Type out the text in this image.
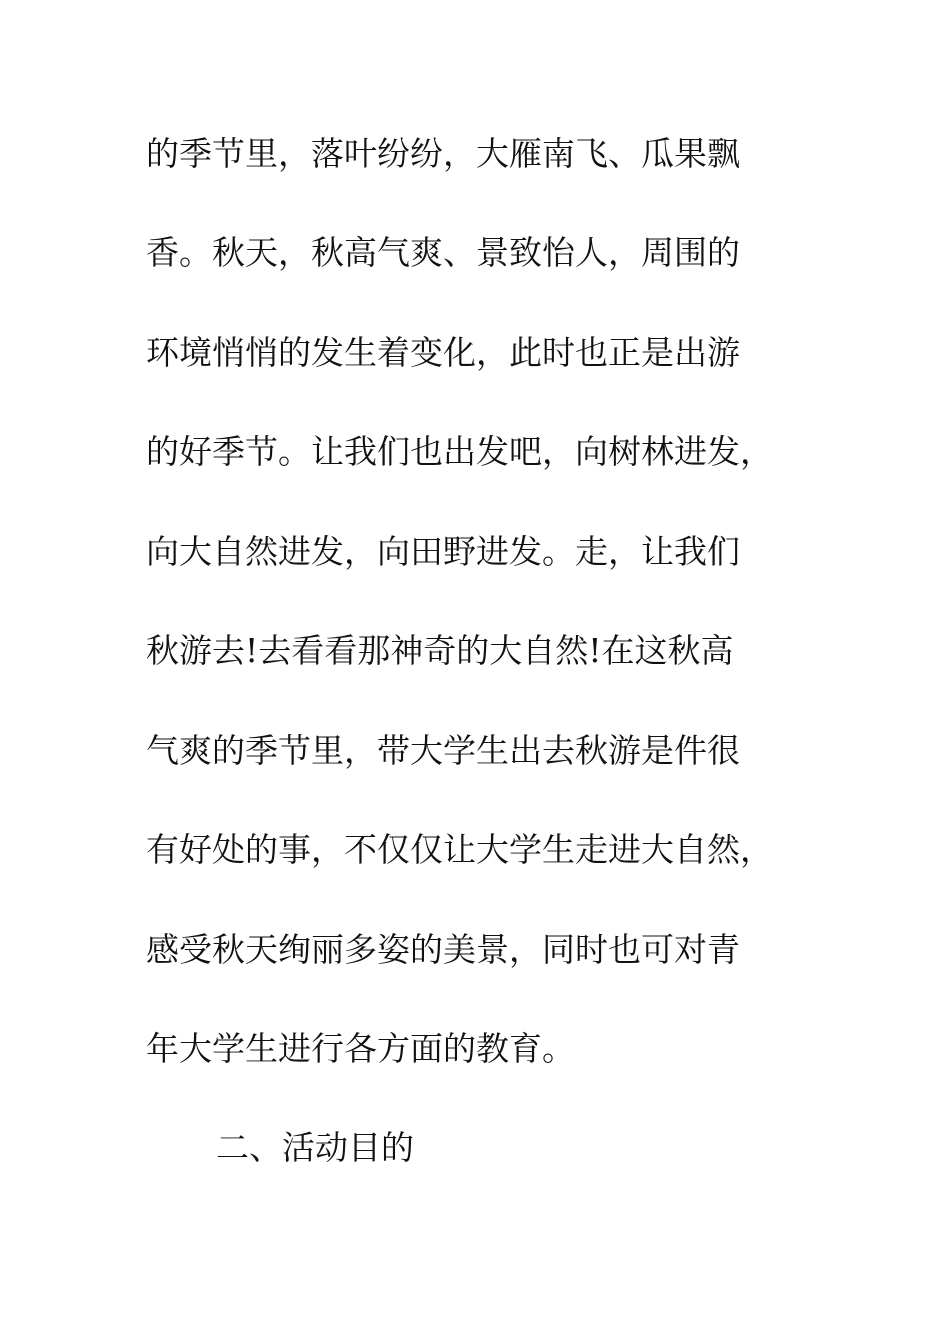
的季节里，落叶纷纷，大雁南飞、瓜果飘
香。秋天，秋高气爽、景致怡人，周围的
环境悄悄的发生着变化，此时也正是出游
的好季节。让我们也出发吧，向树林进发，
向大自然进发，向田野进发。走，让我们
秋游去!去看看那神奇的大自然!在这秋高
气爽的季节里，带大学生出去秋游是件很
有好处的事，不仅仅让大学生走进大自然，
感受秋天绚丽多姿的美景，同时也可对青
年大学生进行各方面的教育。
二、活动目的
